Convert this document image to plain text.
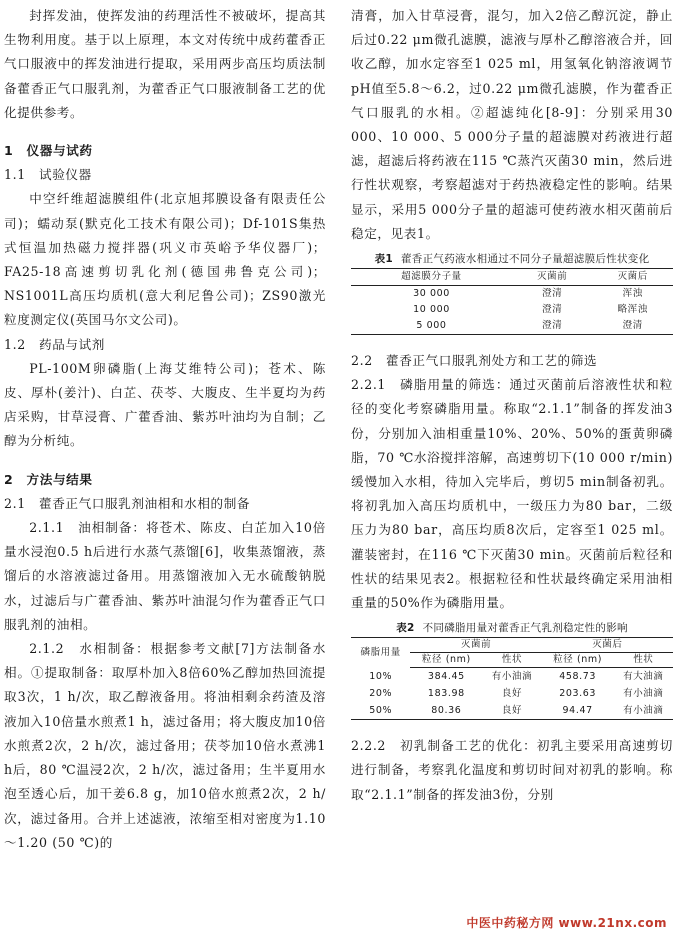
封挥发油，使挥发油的药理活性不被破坏，提高其生物利用度。基于以上原理，本文对传统中成药藿香正气口服液中的挥发油进行提取，采用两步高压均质法制备藿香正气口服乳剂，为藿香正气口服液制备工艺的优化提供参考。

1　仪器与试药

1.1　试验仪器

中空纤维超滤膜组件(北京旭邦膜设备有限责任公司)；蠕动泵(默克化工技术有限公司)；Df-101S集热式恒温加热磁力搅拌器(巩义市英峪予华仪器厂)；FA25-18高速剪切乳化剂(德国弗鲁克公司)；NS1001L高压均质机(意大利尼鲁公司)；ZS90激光粒度测定仪(英国马尔文公司)。

1.2　药品与试剂

PL-100M卵磷脂(上海艾维特公司)；苍术、陈皮、厚朴(姜汁)、白芷、茯苓、大腹皮、生半夏均为药店采购，甘草浸膏、广藿香油、紫苏叶油均为自制；乙醇为分析纯。

2　方法与结果

2.1　藿香正气口服乳剂油相和水相的制备

2.1.1　油相制备：将苍术、陈皮、白芷加入10倍量水浸泡0.5 h后进行水蒸气蒸馏[6]，收集蒸馏液，蒸馏后的水溶液滤过备用。用蒸馏液加入无水硫酸钠脱水，过滤后与广藿香油、紫苏叶油混匀作为藿香正气口服乳剂的油相。

2.1.2　水相制备：根据参考文献[7]方法制备水相。①提取制备：取厚朴加入8倍60%乙醇加热回流提取3次，1 h/次，取乙醇液备用。将油相剩余药渣及溶液加入10倍量水煎煮1 h，滤过备用；将大腹皮加10倍水煎煮2次，2 h/次，滤过备用；茯苓加10倍水煮沸1 h后，80 ℃温浸2次，2 h/次，滤过备用；生半夏用水泡至透心后，加干姜6.8 g，加10倍水煎煮2次，2 h/次，滤过备用。合并上述滤液，浓缩至相对密度为1.10～1.20 (50 ℃)的

清膏，加入甘草浸膏，混匀，加入2倍乙醇沉淀，静止后过0.22 μm微孔滤膜，滤液与厚朴乙醇溶液合并，回收乙醇，加水定容至1 025 ml，用氢氧化钠溶液调节pH值至5.8～6.2，过0.22 μm微孔滤膜，作为藿香正气口服乳的水相。②超滤纯化[8-9]：分别采用30 000、10 000、5 000分子量的超滤膜对药液进行超滤，超滤后将药液在115 ℃蒸汽灭菌30 min，然后进行性状观察，考察超滤对于药热液稳定性的影响。结果显示，采用5 000分子量的超滤可使药液水相灭菌前后稳定，见表1。

表1 藿香正气药液水相通过不同分子量超滤膜后性状变化
超滤膜分子量	灭菌前	灭菌后
30 000	澄清	浑浊
10 000	澄清	略浑浊
5 000	澄清	澄清

2.2　藿香正气口服乳剂处方和工艺的筛选

2.2.1　磷脂用量的筛选：通过灭菌前后溶液性状和粒径的变化考察磷脂用量。称取“2.1.1”制备的挥发油3份，分别加入油相重量10%、20%、50%的蛋黄卵磷脂，70 ℃水浴搅拌溶解，高速剪切下(10 000 r/min)缓慢加入水相，待加入完毕后，剪切5 min制备初乳。将初乳加入高压均质机中，一级压力为80 bar，二级压力为80 bar，高压均质8次后，定容至1 025 ml。灌装密封，在116 ℃下灭菌30 min。灭菌前后粒径和性状的结果见表2。根据粒径和性状最终确定采用油相重量的50%作为磷脂用量。

表2 不同磷脂用量对藿香正气乳剂稳定性的影响
磷脂用量	灭菌前		灭菌后	
	粒径 (nm)	性状	粒径 (nm)	性状
10%	384.45	有小油滴	458.73	有大油滴
20%	183.98	良好	203.63	有小油滴
50%	80.36	良好	94.47	有小油滴

2.2.2　初乳制备工艺的优化：初乳主要采用高速剪切进行制备，考察乳化温度和剪切时间对初乳的影响。称取“2.1.1”制备的挥发油3份，分别

中医中药秘方网 www.21nx.com
